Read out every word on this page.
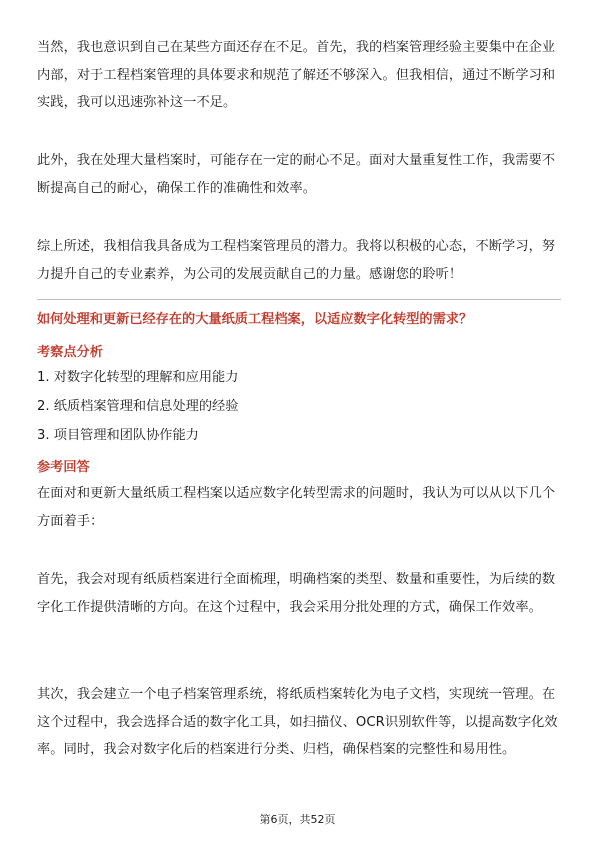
当然，我也意识到自己在某些方面还存在不足。首先，我的档案管理经验主要集中在企业内部，对于工程档案管理的具体要求和规范了解还不够深入。但我相信，通过不断学习和实践，我可以迅速弥补这一不足。

此外，我在处理大量档案时，可能存在一定的耐心不足。面对大量重复性工作，我需要不断提高自己的耐心，确保工作的准确性和效率。

综上所述，我相信我具备成为工程档案管理员的潜力。我将以积极的心态，不断学习，努力提升自己的专业素养，为公司的发展贡献自己的力量。感谢您的聆听！

如何处理和更新已经存在的大量纸质工程档案，以适应数字化转型的需求？
考察点分析
1. 对数字化转型的理解和应用能力
2. 纸质档案管理和信息处理的经验
3. 项目管理和团队协作能力
参考回答

在面对和更新大量纸质工程档案以适应数字化转型需求的问题时，我认为可以从以下几个方面着手：

首先，我会对现有纸质档案进行全面梳理，明确档案的类型、数量和重要性，为后续的数字化工作提供清晰的方向。在这个过程中，我会采用分批处理的方式，确保工作效率。

其次，我会建立一个电子档案管理系统，将纸质档案转化为电子文档，实现统一管理。在这个过程中，我会选择合适的数字化工具，如扫描仪、OCR识别软件等，以提高数字化效率。同时，我会对数字化后的档案进行分类、归档，确保档案的完整性和易用性。

第6页，共52页
